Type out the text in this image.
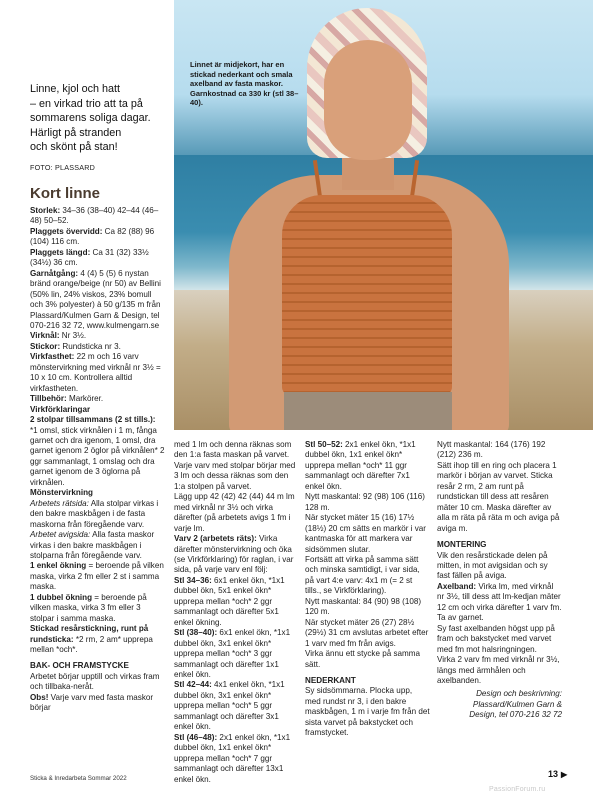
Linnet är midjekort, har en stickad nederkant och smala axelband av fasta maskor. Garnkostnad ca 330 kr (stl 38–40).
Linne, kjol och hatt
– en virkad trio att ta på
sommarens soliga dagar.
Härligt på stranden
och skönt på stan!
FOTO: PLASSARD
Kort linne

Storlek: 34–36 (38–40) 42–44 (46–48) 50–52.

Plaggets övervidd: Ca 82 (88) 96 (104) 116 cm.

Plaggets längd: Ca 31 (32) 33½ (34½) 36 cm.

Garnåtgång: 4 (4) 5 (5) 6 nystan bränd orange/beige (nr 50) av Bellini (50% lin, 24% viskos, 23% bomull och 3% polyester) à 50 g/135 m från Plassard/Kulmen Garn & Design, tel 070-216 32 72, www.kulmengarn.se

Virknål: Nr 3½.

Stickor: Rundsticka nr 3.

Virkfasthet: 22 m och 16 varv mönstervirkning med virknål nr 3½ = 10 x 10 cm. Kontrollera alltid virkfastheten.

Tillbehör: Markörer.

Virkförklaringar

2 stolpar tillsammans (2 st tills.): *1 omsl, stick virknålen i 1 m, fånga garnet och dra igenom, 1 omsl, dra garnet igenom 2 öglor på virknålen* 2 ggr sammanlagt, 1 omslag och dra garnet igenom de 3 öglorna på virknålen.

Mönstervirkning

Arbetets rätsida: Alla stolpar virkas i den bakre maskbågen i de fasta maskorna från föregående varv.

Arbetet avigsida: Alla fasta maskor virkas i den bakre maskbågen i stolparna från föregående varv.

1 enkel ökning = beroende på vilken maska, virka 2 fm eller 2 st i samma maska.

1 dubbel ökning = beroende på vilken maska, virka 3 fm eller 3 stolpar i samma maska.

Stickad resårstickning, runt på rundsticka: *2 rm, 2 am* upprepa mellan *och*.

BAK- OCH FRAMSTYCKE

Arbetet börjar upptill och virkas fram och tillbaka-neråt.

Obs! Varje varv med fasta maskor börjar

med 1 lm och denna räknas som den 1:a fasta maskan på varvet. Varje varv med stolpar börjar med 3 lm och dessa räknas som den 1:a stolpen på varvet.

Lägg upp 42 (42) 42 (44) 44 m lm med virknål nr 3½ och virka därefter (på arbetets avigs 1 fm i varje lm.

Varv 2 (arbetets räts): Virka därefter mönstervirkning och öka (se Virkförklaring) för raglan, i var sida, på varje varv enl följ:

Stl 34–36: 6x1 enkel ökn, *1x1 dubbel ökn, 5x1 enkel ökn* upprepa mellan *och* 2 ggr sammanlagt och därefter 5x1 enkel ökning.

Stl (38–40): 6x1 enkel ökn, *1x1 dubbel ökn, 3x1 enkel ökn* upprepa mellan *och* 3 ggr sammanlagt och därefter 1x1 enkel ökn.

Stl 42–44: 4x1 enkel ökn, *1x1 dubbel ökn, 3x1 enkel ökn* upprepa mellan *och* 5 ggr sammanlagt och därefter 3x1 enkel ökn.

Stl (46–48): 2x1 enkel ökn, *1x1 dubbel ökn, 1x1 enkel ökn* upprepa mellan *och* 7 ggr sammanlagt och därefter 13x1 enkel ökn.

Stl 50–52: 2x1 enkel ökn, *1x1 dubbel ökn, 1x1 enkel ökn* upprepa mellan *och* 11 ggr sammanlagt och därefter 7x1 enkel ökn.

Nytt maskantal: 92 (98) 106 (116) 128 m.

När stycket mäter 15 (16) 17½ (18½) 20 cm sätts en markör i var kantmaska för att markera var sidsömmen slutar.

Fortsätt att virka på samma sätt och minska samtidigt, i var sida, på vart 4:e varv: 4x1 m (= 2 st tills., se Virkförklaring).

Nytt maskantal: 84 (90) 98 (108) 120 m.

När stycket mäter 26 (27) 28½ (29½) 31 cm avslutas arbetet efter 1 varv med fm från avigs.

Virka ännu ett stycke på samma sätt.

NEDERKANT

Sy sidsömmarna. Plocka upp, med rundst nr 3, i den bakre maskbågen, 1 m i varje fm från det sista varvet på bakstycket och framstycket.

Nytt maskantal: 164 (176) 192 (212) 236 m.

Sätt ihop till en ring och placera 1 markör i början av varvet. Sticka resår 2 rm, 2 am runt på rundstickan till dess att resåren mäter 10 cm. Maska därefter av alla m räta på räta m och aviga på aviga m.

MONTERING

Vik den resårstickade delen på mitten, in mot avigsidan och sy fast fällen på aviga.

Axelband: Virka lm, med virknål nr 3½, till dess att lm-kedjan mäter 12 cm och virka därefter 1 varv fm. Ta av garnet.

Sy fast axelbanden högst upp på fram och bakstycket med varvet med fm mot halsringningen.

Virka 2 varv fm med virknål nr 3½, längs med ärmhålen och axelbanden.

Design och beskrivning:
Plassard/Kulmen Garn &
Design, tel 070-216 32 72
Sticka & Inredarbeta Sommar 2022	13 ▶
PassionForum.ru
